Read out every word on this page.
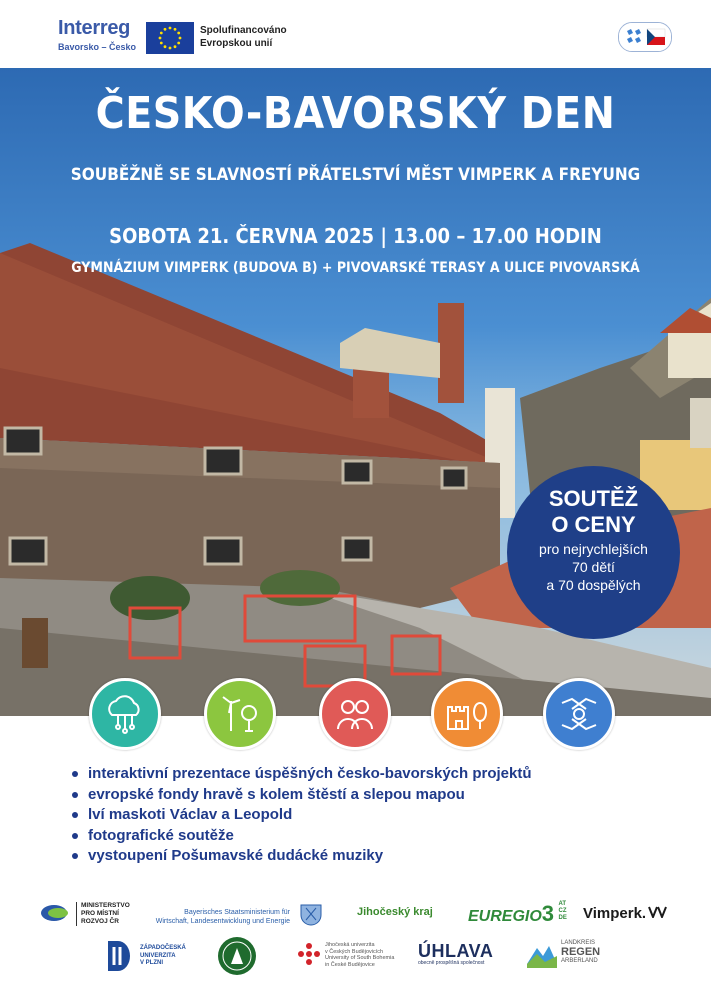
Interreg
Bavorsko – Česko
Spolufinancováno
Evropskou unií
ČESKO-BAVORSKÝ DEN
SOUBĚŽNĚ SE SLAVNOSTÍ PŘÁTELSTVÍ MĚST VIMPERK A FREYUNG
SOBOTA 21. ČERVNA 2025 | 13.00 – 17.00 HODIN
GYMNÁZIUM VIMPERK (BUDOVA B) + PIVOVARSKÉ TERASY A ULICE PIVOVARSKÁ
SOUTĚŽ
O CENY
pro nejrychlejších
70 dětí
a 70 dospělých
interaktivní prezentace úspěšných česko-bavorských projektů
evropské fondy hravě s kolem štěstí a slepou mapou
lví maskoti Václav a Leopold
fotografické soutěže
vystoupení Pošumavské dudácké muziky
MINISTERSTVO
PRO MÍSTNÍ
ROZVOJ ČR
Bayerisches Staatsministerium für
Wirtschaft, Landesentwicklung und Energie
Jihočeský kraj EUREGIO3 AT CZ DE Vimperk.
ZÁPADOČESKÁ
UNIVERZITA
V PLZNI
Jihočeská univerzita
v Českých Budějovicích
University of South Bohemia
in České Budějovice
ÚHLAVA
obecně prospěšná společnost
LANDKREIS
REGEN
ARBERLAND
